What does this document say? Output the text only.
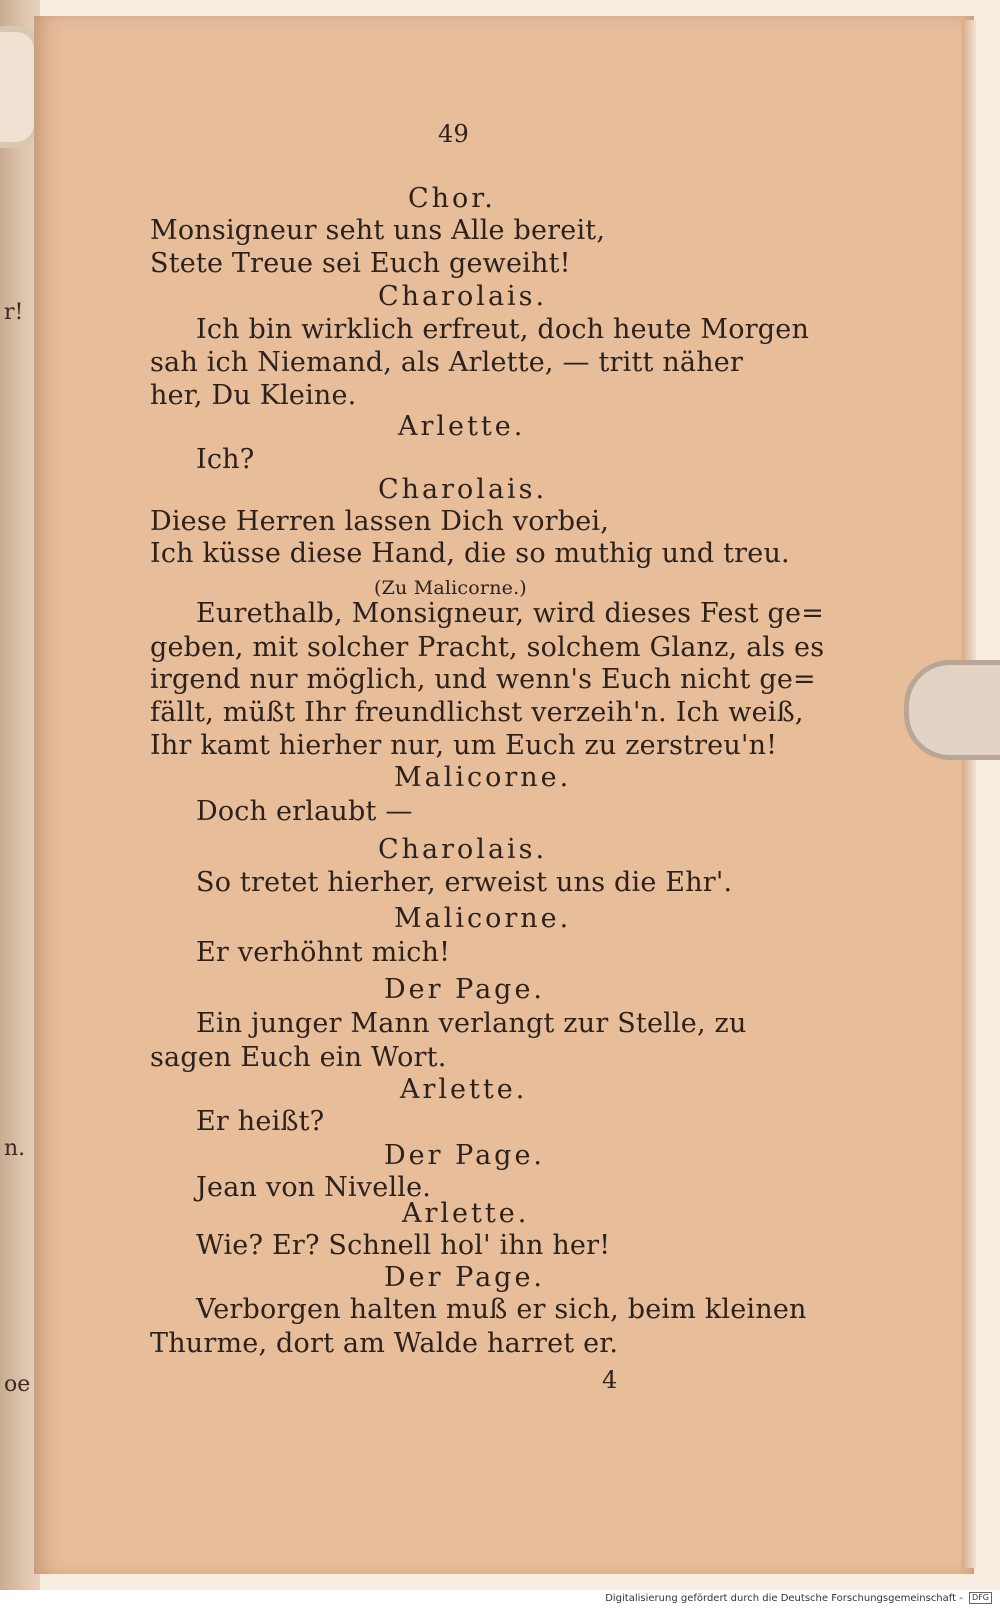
r!
n.
oe
49
Chor.
Monsigneur seht uns Alle bereit,
Stete Treue sei Euch geweiht!
Charolais.
Ich bin wirklich erfreut, doch heute Morgen
sah ich Niemand, als Arlette, — tritt näher
her, Du Kleine.
Arlette.
Ich?
Charolais.
Diese Herren lassen Dich vorbei,
Ich küsse diese Hand, die so muthig und treu.
(Zu Malicorne.)
Eurethalb, Monsigneur, wird dieses Fest ge=
geben, mit solcher Pracht, solchem Glanz, als es
irgend nur möglich, und wenn's Euch nicht ge=
fällt, müßt Ihr freundlichst verzeih'n. Ich weiß,
Ihr kamt hierher nur, um Euch zu zerstreu'n!
Malicorne.
Doch erlaubt —
Charolais.
So tretet hierher, erweist uns die Ehr'.
Malicorne.
Er verhöhnt mich!
Der Page.
Ein junger Mann verlangt zur Stelle, zu
sagen Euch ein Wort.
Arlette.
Er heißt?
Der Page.
Jean von Nivelle.
Arlette.
Wie? Er? Schnell hol' ihn her!
Der Page.
Verborgen halten muß er sich, beim kleinen
Thurme, dort am Walde harret er.
4
Digitalisierung gefördert durch die Deutsche Forschungsgemeinschaft - DFG
